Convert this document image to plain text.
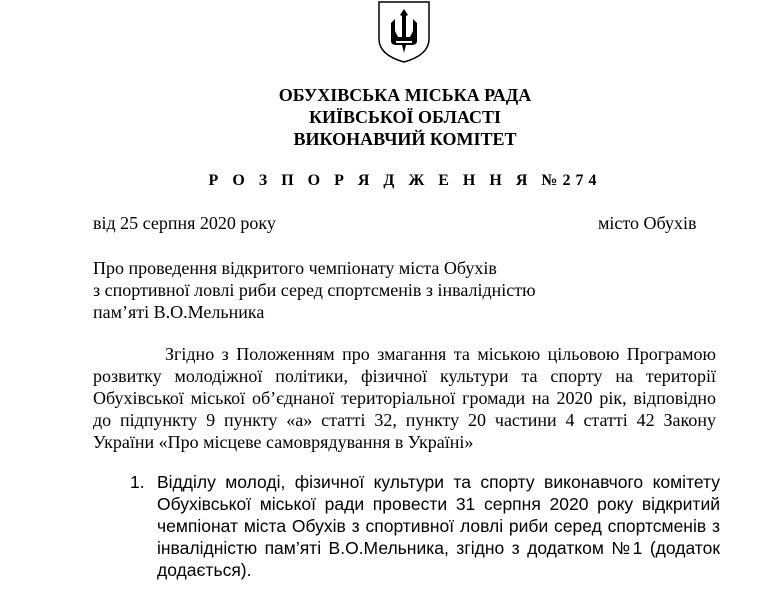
ОБУХІВСЬКА МІСЬКА РАДА

КИЇВСЬКОЇ ОБЛАСТІ

ВИКОНАВЧИЙ КОМІТЕТ

Р О З П О Р Я Д Ж Е Н Н Я №274

від 25 серпня 2020 року	місто Обухів
Про проведення відкритого чемпіонату міста Обухів
з спортивної ловлі риби серед спортсменів з інвалідністю
пам’яті В.О.Мельника

Згідно з Положенням про змагання та міською цільовою Програмою розвитку молодіжної політики, фізичної культури та спорту на території Обухівської міської об’єднаної територіальної громади на 2020 рік, відповідно до підпункту 9 пункту «а» статті 32, пункту 20 частини 4 статті 42 Закону України «Про місцеве самоврядування в Україні»

1. Відділу молоді, фізичної культури та спорту виконавчого комітету Обухівської міської ради провести 31 серпня 2020 року відкритий чемпіонат міста Обухів з спортивної ловлі риби серед спортсменів з інвалідністю пам’яті В.О.Мельника, згідно з додатком №1 (додаток додається).
